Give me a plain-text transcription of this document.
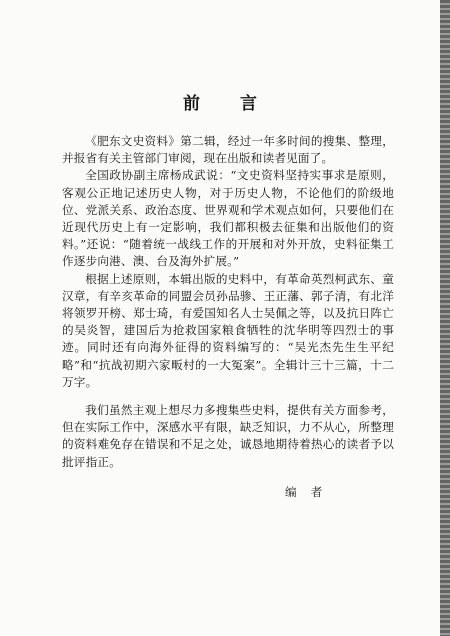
前言

《肥东文史资料》第二辑，经过一年多时间的搜集、整理，并报省有关主管部门审阅，现在出版和读者见面了。

全国政协副主席杨成武说：“文史资料坚持实事求是原则，客观公正地记述历史人物，对于历史人物，不论他们的阶级地位、党派关系、政治态度、世界观和学术观点如何，只要他们在近现代历史上有一定影响，我们都积极去征集和出版他们的资料。”还说：“随着统一战线工作的开展和对外开放，史料征集工作逐步向港、澳、台及海外扩展。”

根据上述原则，本辑出版的史料中，有革命英烈柯武东、童汉章，有辛亥革命的同盟会员孙品骖、王正藩、郭子清，有北洋将领罗开榜、郑士琦，有爱国知名人士吴佩之等，以及抗日阵亡的吴炎智，建国后为抢救国家粮食牺牲的沈华明等四烈士的事迹。同时还有向海外征得的资料编写的：“吴光杰先生生平纪略”和“抗战初期六家畈村的一大冤案”。全辑计三十三篇，十二万字。

我们虽然主观上想尽力多搜集些史料，提供有关方面参考，但在实际工作中，深感水平有限，缺乏知识，力不从心，所整理的资料难免存在错误和不足之处，诚恳地期待着热心的读者予以批评指正。

编者
